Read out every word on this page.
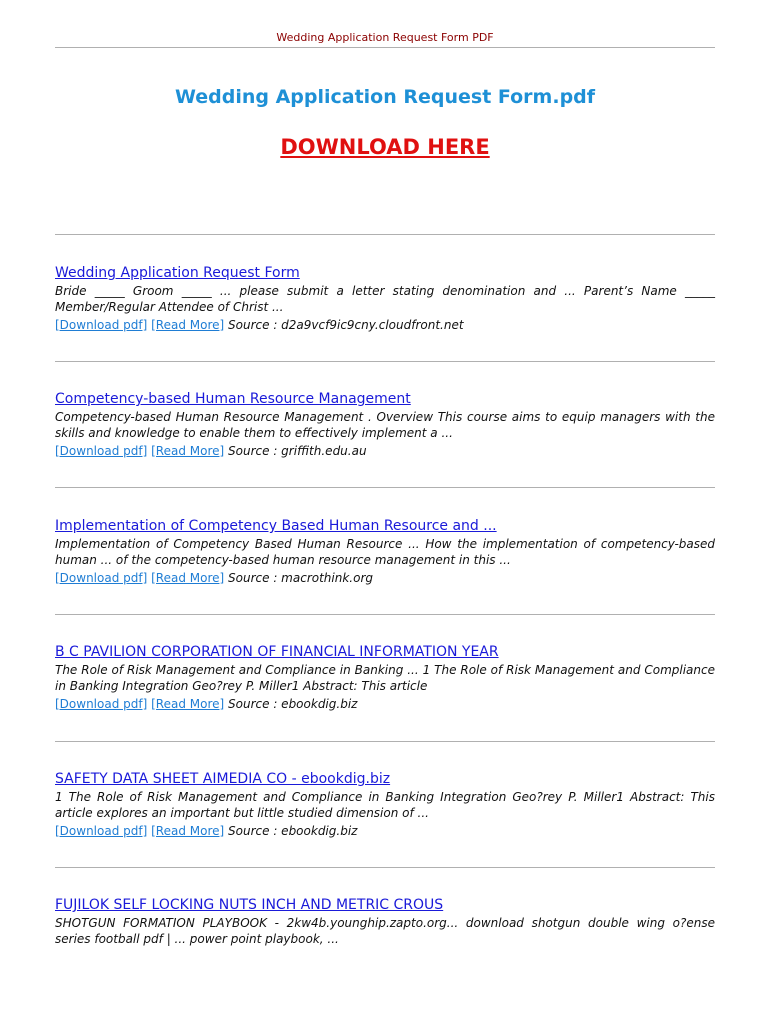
Wedding Application Request Form PDF
Wedding Application Request Form.pdf
DOWNLOAD HERE
Wedding Application Request Form
Bride _____ Groom _____ ... please submit a letter stating denomination and ... Parent’s Name _____ Member/Regular Attendee of Christ ...
[Download pdf] [Read More] Source : d2a9vcf9ic9cny.cloudfront.net
Competency-based Human Resource Management
Competency-based Human Resource Management . Overview This course aims to equip managers with the skills and knowledge to enable them to effectively implement a ...
[Download pdf] [Read More] Source : griffith.edu.au
Implementation of Competency Based Human Resource and ...
Implementation of Competency Based Human Resource ... How the implementation of competency-based human ... of the competency-based human resource management in this ...
[Download pdf] [Read More] Source : macrothink.org
B C PAVILION CORPORATION OF FINANCIAL INFORMATION YEAR
The Role of Risk Management and Compliance in Banking ... 1 The Role of Risk Management and Compliance in Banking Integration Geo?rey P. Miller1 Abstract: This article
[Download pdf] [Read More] Source : ebookdig.biz
SAFETY DATA SHEET AIMEDIA CO - ebookdig.biz
1 The Role of Risk Management and Compliance in Banking Integration Geo?rey P. Miller1 Abstract: This article explores an important but little studied dimension of ...
[Download pdf] [Read More] Source : ebookdig.biz
FUJILOK SELF LOCKING NUTS INCH AND METRIC CROUS
SHOTGUN FORMATION PLAYBOOK - 2kw4b.younghip.zapto.org... download shotgun double wing o?ense series football pdf | ... power point playbook, ...
